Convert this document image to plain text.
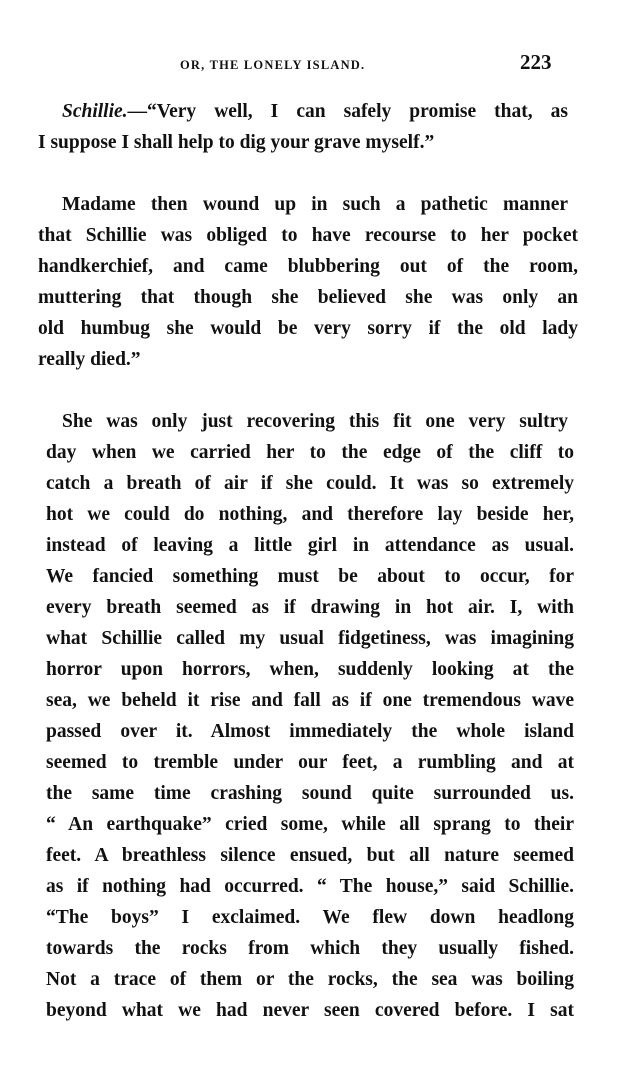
OR, THE LONELY ISLAND.	223
Schillie.—“Very well, I can safely promise that, as
I suppose I shall help to dig your grave myself.”
Madame then wound up in such a pathetic manner
that Schillie was obliged to have recourse to her pocket
handkerchief, and came blubbering out of the room,
muttering that though she believed she was only an
old humbug she would be very sorry if the old lady
really died.”
She was only just recovering this fit one very sultry
day when we carried her to the edge of the cliff to
catch a breath of air if she could. It was so extremely
hot we could do nothing, and therefore lay beside her,
instead of leaving a little girl in attendance as usual.
We fancied something must be about to occur, for
every breath seemed as if drawing in hot air. I, with
what Schillie called my usual fidgetiness, was imagining
horror upon horrors, when, suddenly looking at the
sea, we beheld it rise and fall as if one tremendous wave
passed over it. Almost immediately the whole island
seemed to tremble under our feet, a rumbling and at
the same time crashing sound quite surrounded us.
“ An earthquake” cried some, while all sprang to their
feet. A breathless silence ensued, but all nature seemed
as if nothing had occurred. “ The house,” said Schillie.
“The boys” I exclaimed. We flew down headlong
towards the rocks from which they usually fished.
Not a trace of them or the rocks, the sea was boiling
beyond what we had never seen covered before. I sat
